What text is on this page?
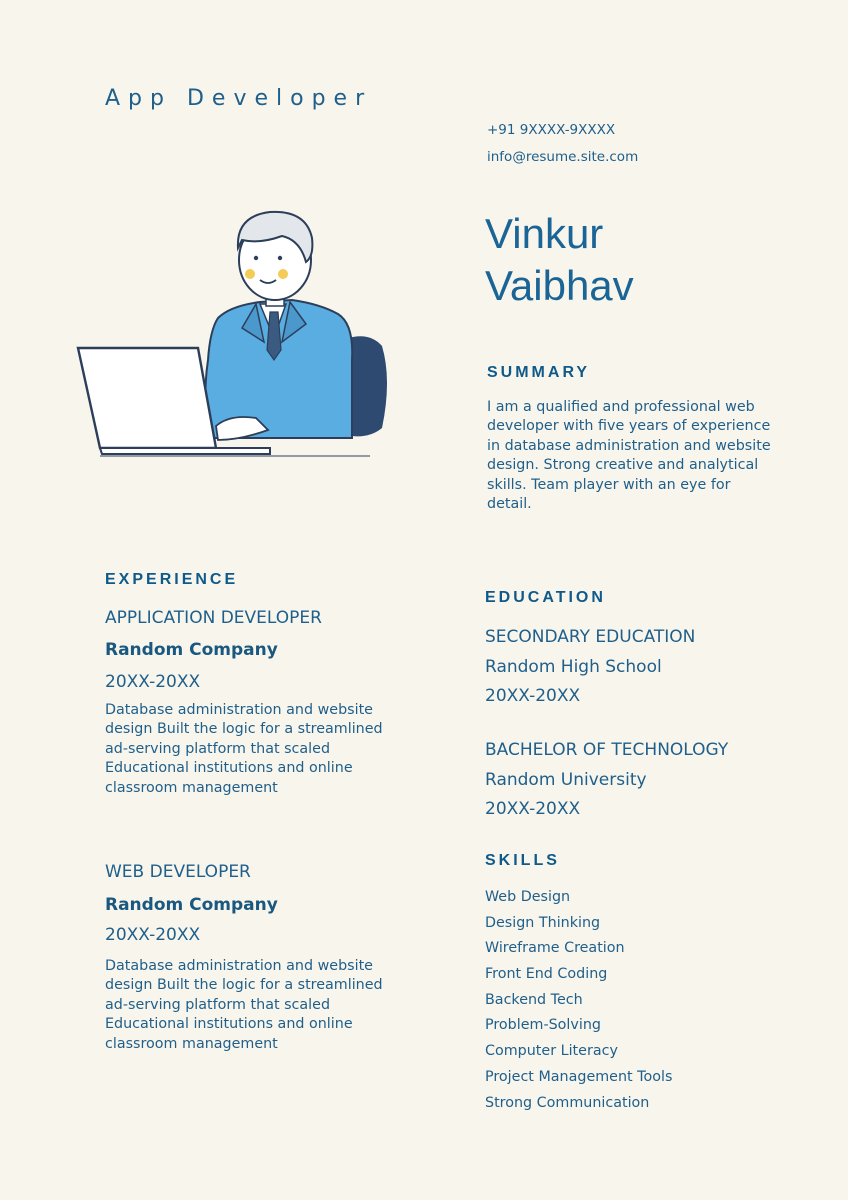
App Developer
+91 9XXXX-9XXXX
info@resume.site.com
Vinkur
Vaibhav
SUMMARY
I am a qualified and professional web developer with five years of experience in database administration and website design. Strong creative and analytical skills. Team player with an eye for detail.
EXPERIENCE
APPLICATION DEVELOPER
Random Company
20XX-20XX
Database administration and website design Built the logic for a streamlined ad-serving platform that scaled Educational institutions and online classroom management
WEB DEVELOPER
Random Company
20XX-20XX
Database administration and website design Built the logic for a streamlined ad-serving platform that scaled Educational institutions and online classroom management
EDUCATION
SECONDARY EDUCATION
Random High School
20XX-20XX
BACHELOR OF TECHNOLOGY
Random University
20XX-20XX
SKILLS
Web Design
Design Thinking
Wireframe Creation
Front End Coding
Backend Tech
Problem-Solving
Computer Literacy
Project Management Tools
Strong Communication
